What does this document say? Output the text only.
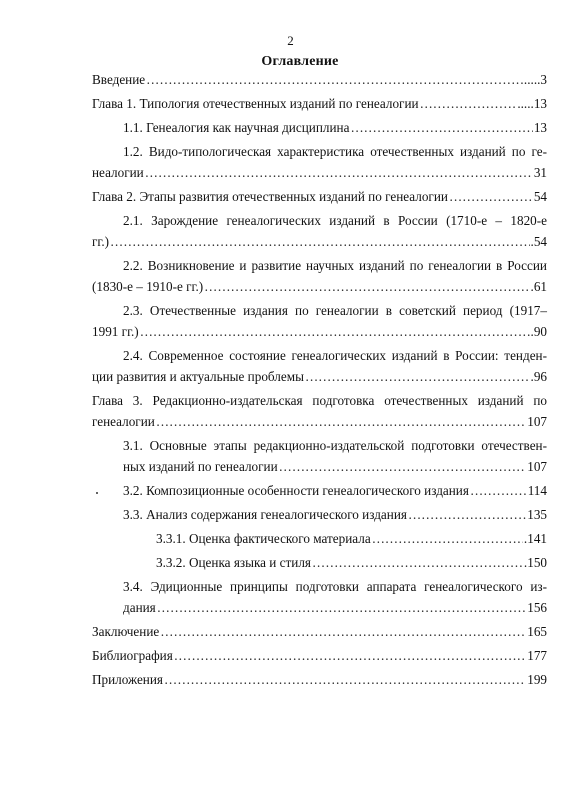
2
Оглавление
Введение …………………………………………………………………………………………………………………………………………………………………………………………	.....3
Глава 1. Типология отечественных изданий по генеалогии …………………………………………………………………………………………………………………………………………………………………………………………	.....13
1.1. Генеалогия как научная дисциплина …………………………………………………………………………………………………………………………………………………………………………………………	13
1.2. Видо-типологическая характеристика отечественных изданий по ге-
неалогии …………………………………………………………………………………………………………………………………………………………………………………………	31
Глава 2. Этапы развития отечественных изданий по генеалогии …………………………………………………………………………………………………………………………………………………………………………………………	54
2.1. Зарождение генеалогических изданий в России (1710-е – 1820-е
гг.) …………………………………………………………………………………………………………………………………………………………………………………………	.54
2.2. Возникновение и развитие научных изданий по генеалогии в России
(1830-е – 1910-е гг.) …………………………………………………………………………………………………………………………………………………………………………………………	.61
2.3. Отечественные издания по генеалогии в советский период (1917–
1991 гг.) …………………………………………………………………………………………………………………………………………………………………………………………	.90
2.4. Современное состояние генеалогических изданий в России: тенден-
ции развития и актуальные проблемы …………………………………………………………………………………………………………………………………………………………………………………………	.96
Глава 3. Редакционно-издательская подготовка отечественных изданий по
генеалогии …………………………………………………………………………………………………………………………………………………………………………………………	107
3.1. Основные этапы редакционно-издательской подготовки отечествен-
ных изданий по генеалогии …………………………………………………………………………………………………………………………………………………………………………………………	107
3.2. Композиционные особенности генеалогического издания …………………………………………………………………………………………………………………………………………………………………………………………	114
3.3. Анализ содержания генеалогического издания …………………………………………………………………………………………………………………………………………………………………………………………	135
3.3.1. Оценка фактического материала …………………………………………………………………………………………………………………………………………………………………………………………	.141
3.3.2. Оценка языка и стиля …………………………………………………………………………………………………………………………………………………………………………………………	.150
3.4. Эдиционные принципы подготовки аппарата генеалогического из-
дания …………………………………………………………………………………………………………………………………………………………………………………………	156
Заключение …………………………………………………………………………………………………………………………………………………………………………………………	165
Библиография …………………………………………………………………………………………………………………………………………………………………………………………	177
Приложения …………………………………………………………………………………………………………………………………………………………………………………………	199
